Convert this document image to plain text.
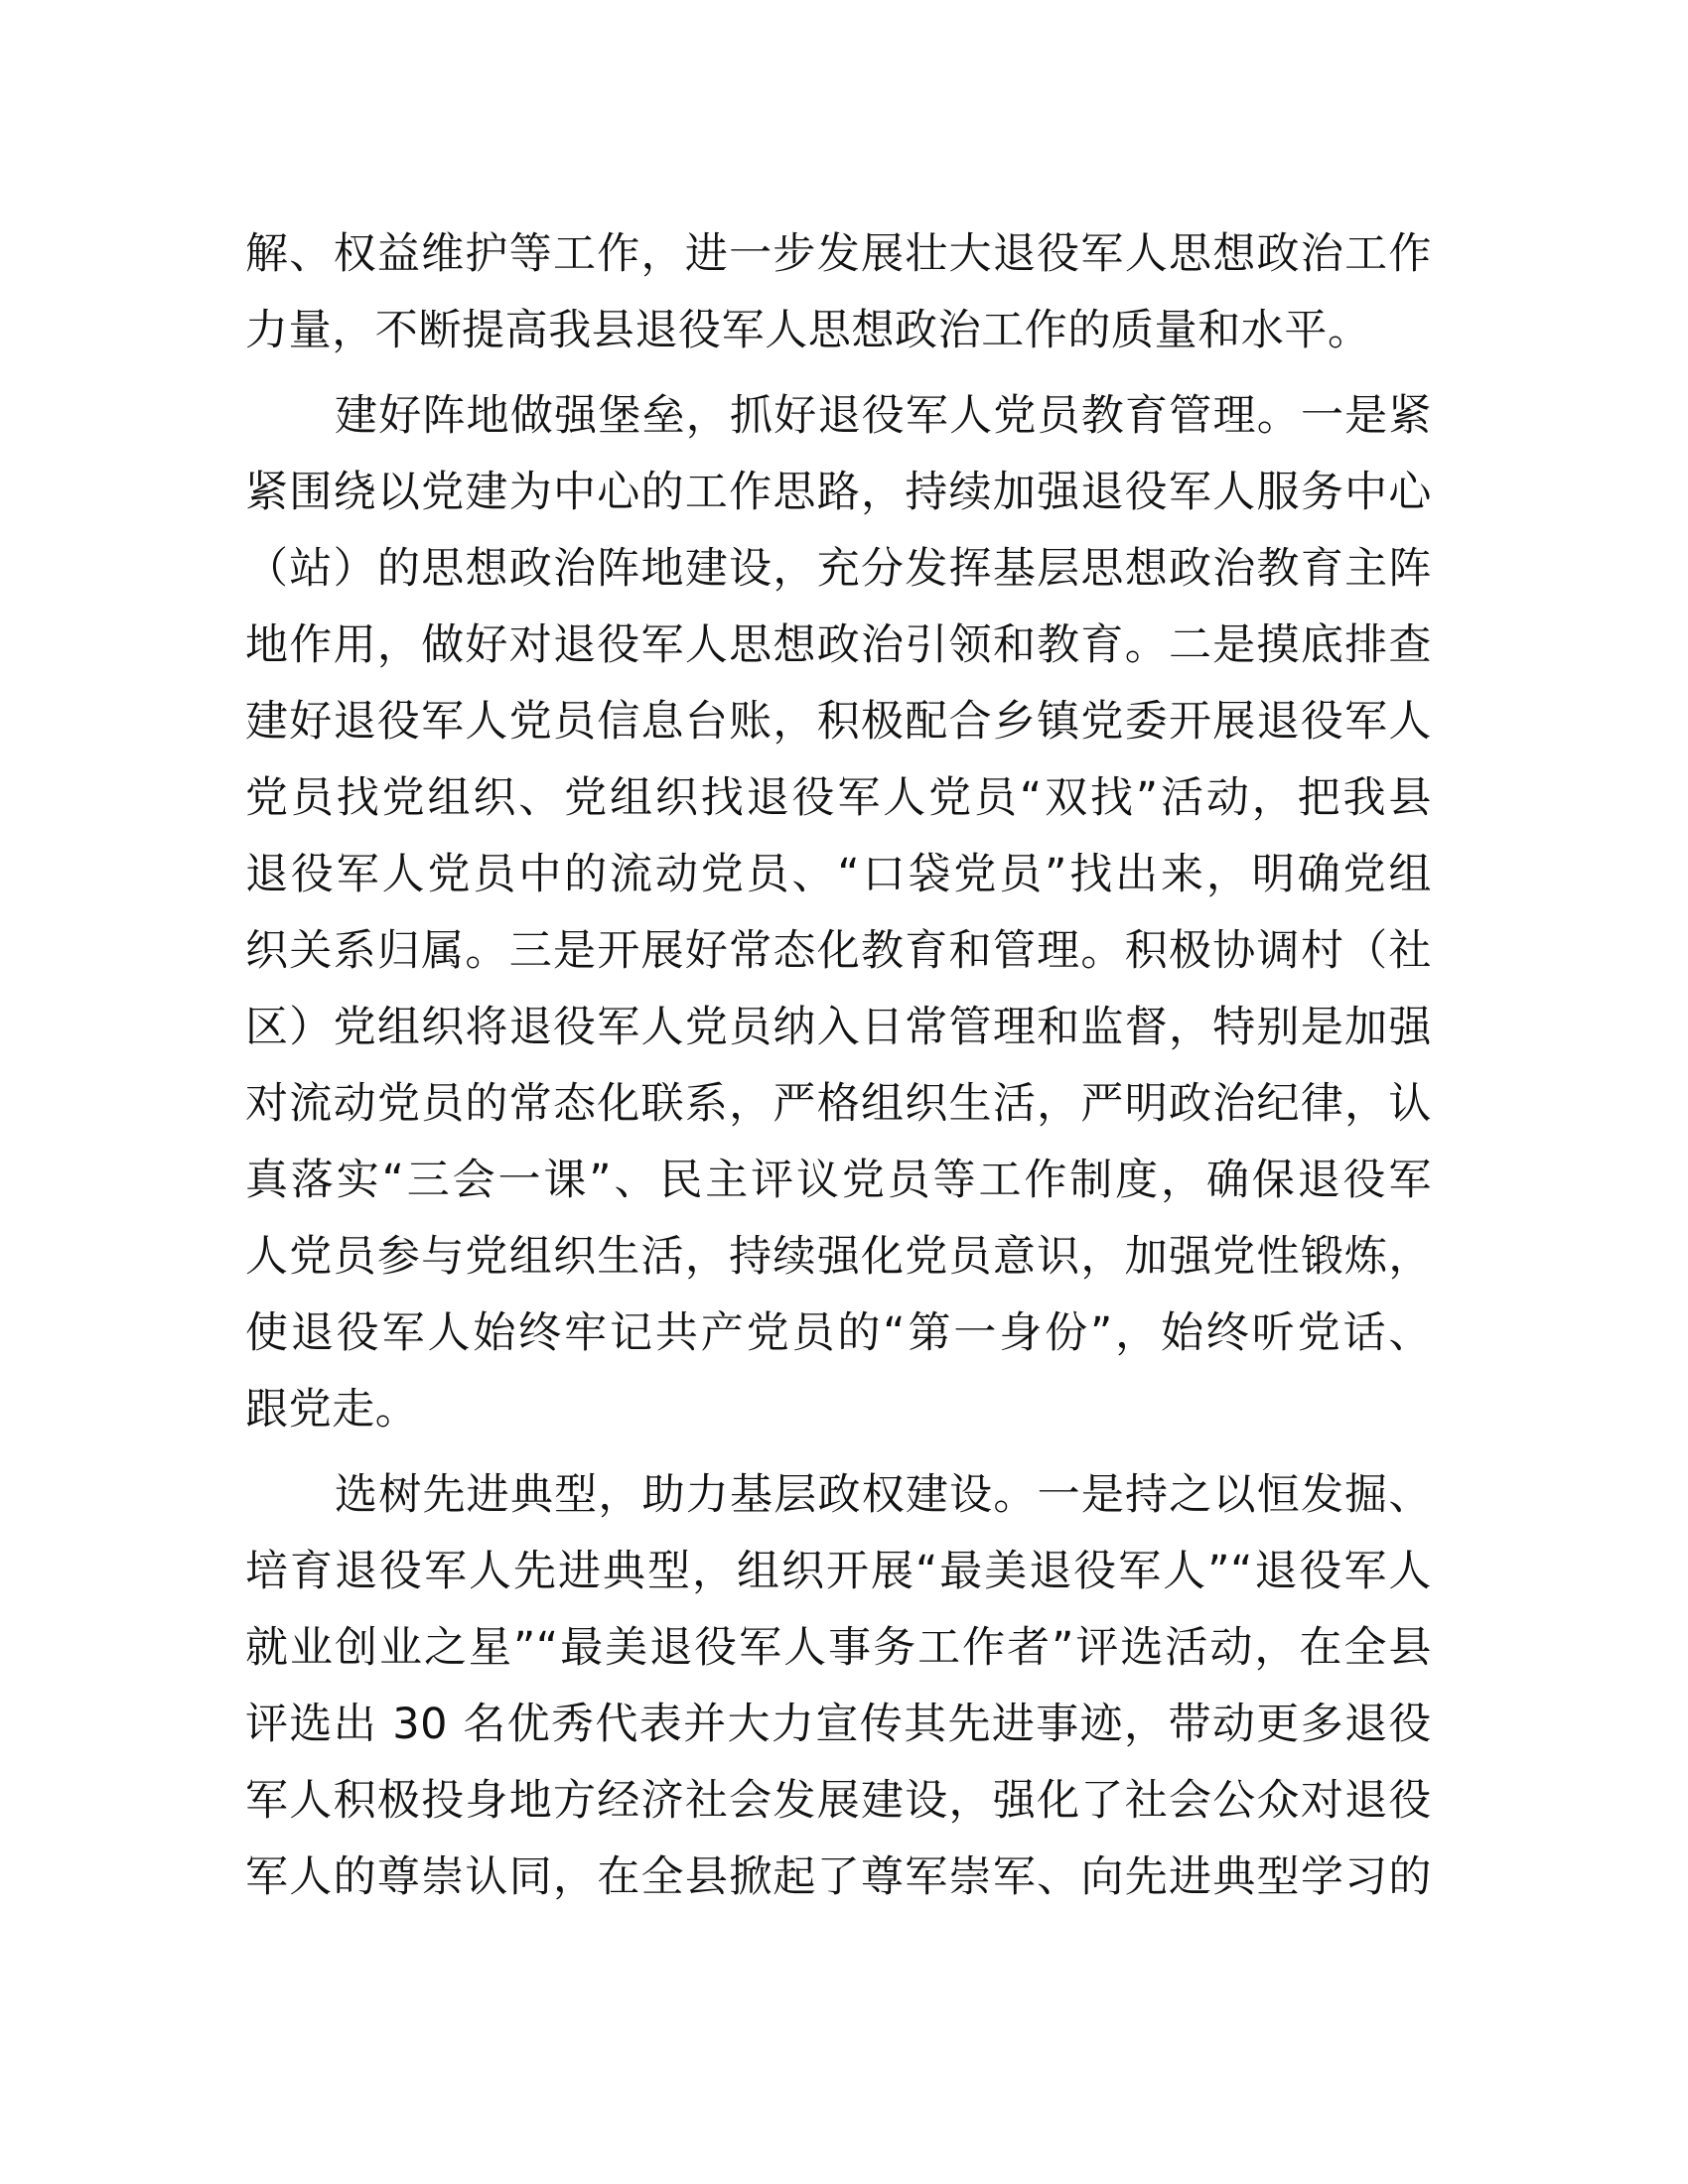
解、权益维护等工作，进一步发展壮大退役军人思想政治工作
力量，不断提高我县退役军人思想政治工作的质量和水平。
建好阵地做强堡垒，抓好退役军人党员教育管理。一是紧
紧围绕以党建为中心的工作思路，持续加强退役军人服务中心
（站）的思想政治阵地建设，充分发挥基层思想政治教育主阵
地作用，做好对退役军人思想政治引领和教育。二是摸底排查
建好退役军人党员信息台账，积极配合乡镇党委开展退役军人
党员找党组织、党组织找退役军人党员“双找”活动，把我县
退役军人党员中的流动党员、“口袋党员”找出来，明确党组
织关系归属。三是开展好常态化教育和管理。积极协调村（社
区）党组织将退役军人党员纳入日常管理和监督，特别是加强
对流动党员的常态化联系，严格组织生活，严明政治纪律，认
真落实“三会一课”、民主评议党员等工作制度，确保退役军
人党员参与党组织生活，持续强化党员意识，加强党性锻炼，
使退役军人始终牢记共产党员的“第一身份”，始终听党话、
跟党走。
选树先进典型，助力基层政权建设。一是持之以恒发掘、
培育退役军人先进典型，组织开展“最美退役军人”“退役军人
就业创业之星”“最美退役军人事务工作者”评选活动，在全县
评选出 30 名优秀代表并大力宣传其先进事迹，带动更多退役
军人积极投身地方经济社会发展建设，强化了社会公众对退役
军人的尊崇认同，在全县掀起了尊军崇军、向先进典型学习的
